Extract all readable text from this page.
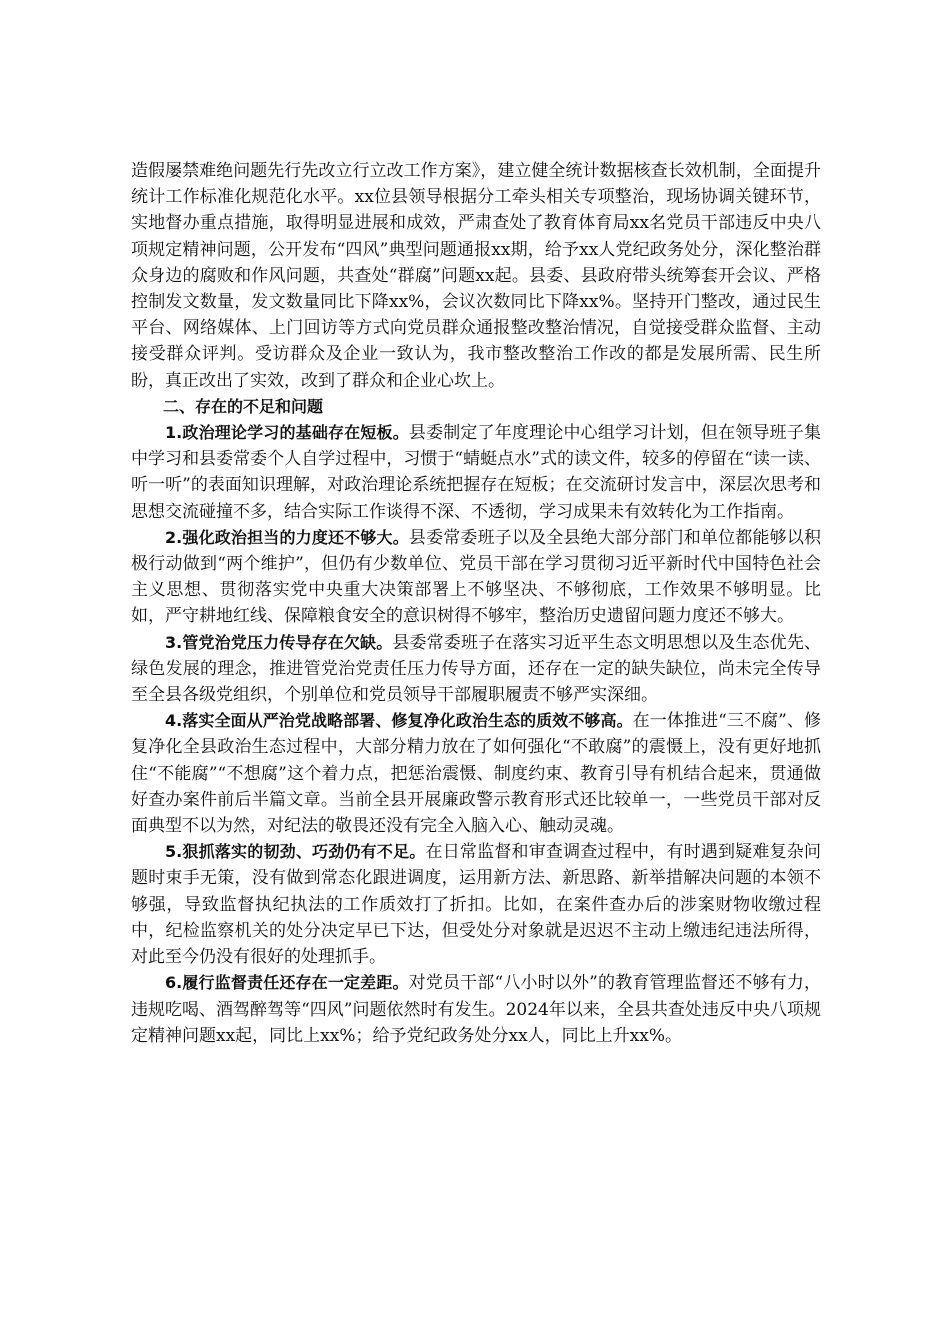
造假屡禁难绝问题先行先改立行立改工作方案》，建立健全统计数据核查长效机制，全面提升统计工作标准化规范化水平。xx位县领导根据分工牵头相关专项整治，现场协调关键环节，实地督办重点措施，取得明显进展和成效，严肃查处了教育体育局xx名党员干部违反中央八项规定精神问题，公开发布“四风”典型问题通报xx期，给予xx人党纪政务处分，深化整治群众身边的腐败和作风问题，共查处“群腐”问题xx起。县委、县政府带头统筹套开会议、严格控制发文数量，发文数量同比下降xx%，会议次数同比下降xx%。坚持开门整改，通过民生平台、网络媒体、上门回访等方式向党员群众通报整改整治情况，自觉接受群众监督、主动接受群众评判。受访群众及企业一致认为，我市整改整治工作改的都是发展所需、民生所盼，真正改出了实效，改到了群众和企业心坎上。

二、存在的不足和问题

1.政治理论学习的基础存在短板。县委制定了年度理论中心组学习计划，但在领导班子集中学习和县委常委个人自学过程中，习惯于“蜻蜓点水”式的读文件，较多的停留在“读一读、听一听”的表面知识理解，对政治理论系统把握存在短板；在交流研讨发言中，深层次思考和思想交流碰撞不多，结合实际工作谈得不深、不透彻，学习成果未有效转化为工作指南。

2.强化政治担当的力度还不够大。县委常委班子以及全县绝大部分部门和单位都能够以积极行动做到“两个维护”，但仍有少数单位、党员干部在学习贯彻习近平新时代中国特色社会主义思想、贯彻落实党中央重大决策部署上不够坚决、不够彻底，工作效果不够明显。比如，严守耕地红线、保障粮食安全的意识树得不够牢，整治历史遗留问题力度还不够大。

3.管党治党压力传导存在欠缺。县委常委班子在落实习近平生态文明思想以及生态优先、绿色发展的理念，推进管党治党责任压力传导方面，还存在一定的缺失缺位，尚未完全传导至全县各级党组织，个别单位和党员领导干部履职履责不够严实深细。

4.落实全面从严治党战略部署、修复净化政治生态的质效不够高。在一体推进“三不腐”、修复净化全县政治生态过程中，大部分精力放在了如何强化“不敢腐”的震慑上，没有更好地抓住“不能腐”“不想腐”这个着力点，把惩治震慑、制度约束、教育引导有机结合起来，贯通做好查办案件前后半篇文章。当前全县开展廉政警示教育形式还比较单一，一些党员干部对反面典型不以为然，对纪法的敬畏还没有完全入脑入心、触动灵魂。

5.狠抓落实的韧劲、巧劲仍有不足。在日常监督和审查调查过程中，有时遇到疑难复杂问题时束手无策，没有做到常态化跟进调度，运用新方法、新思路、新举措解决问题的本领不够强，导致监督执纪执法的工作质效打了折扣。比如，在案件查办后的涉案财物收缴过程中，纪检监察机关的处分决定早已下达，但受处分对象就是迟迟不主动上缴违纪违法所得，对此至今仍没有很好的处理抓手。

6.履行监督责任还存在一定差距。对党员干部“八小时以外”的教育管理监督还不够有力，违规吃喝、酒驾醉驾等“四风”问题依然时有发生。2024年以来，全县共查处违反中央八项规定精神问题xx起，同比上xx%；给予党纪政务处分xx人，同比上升xx%。
